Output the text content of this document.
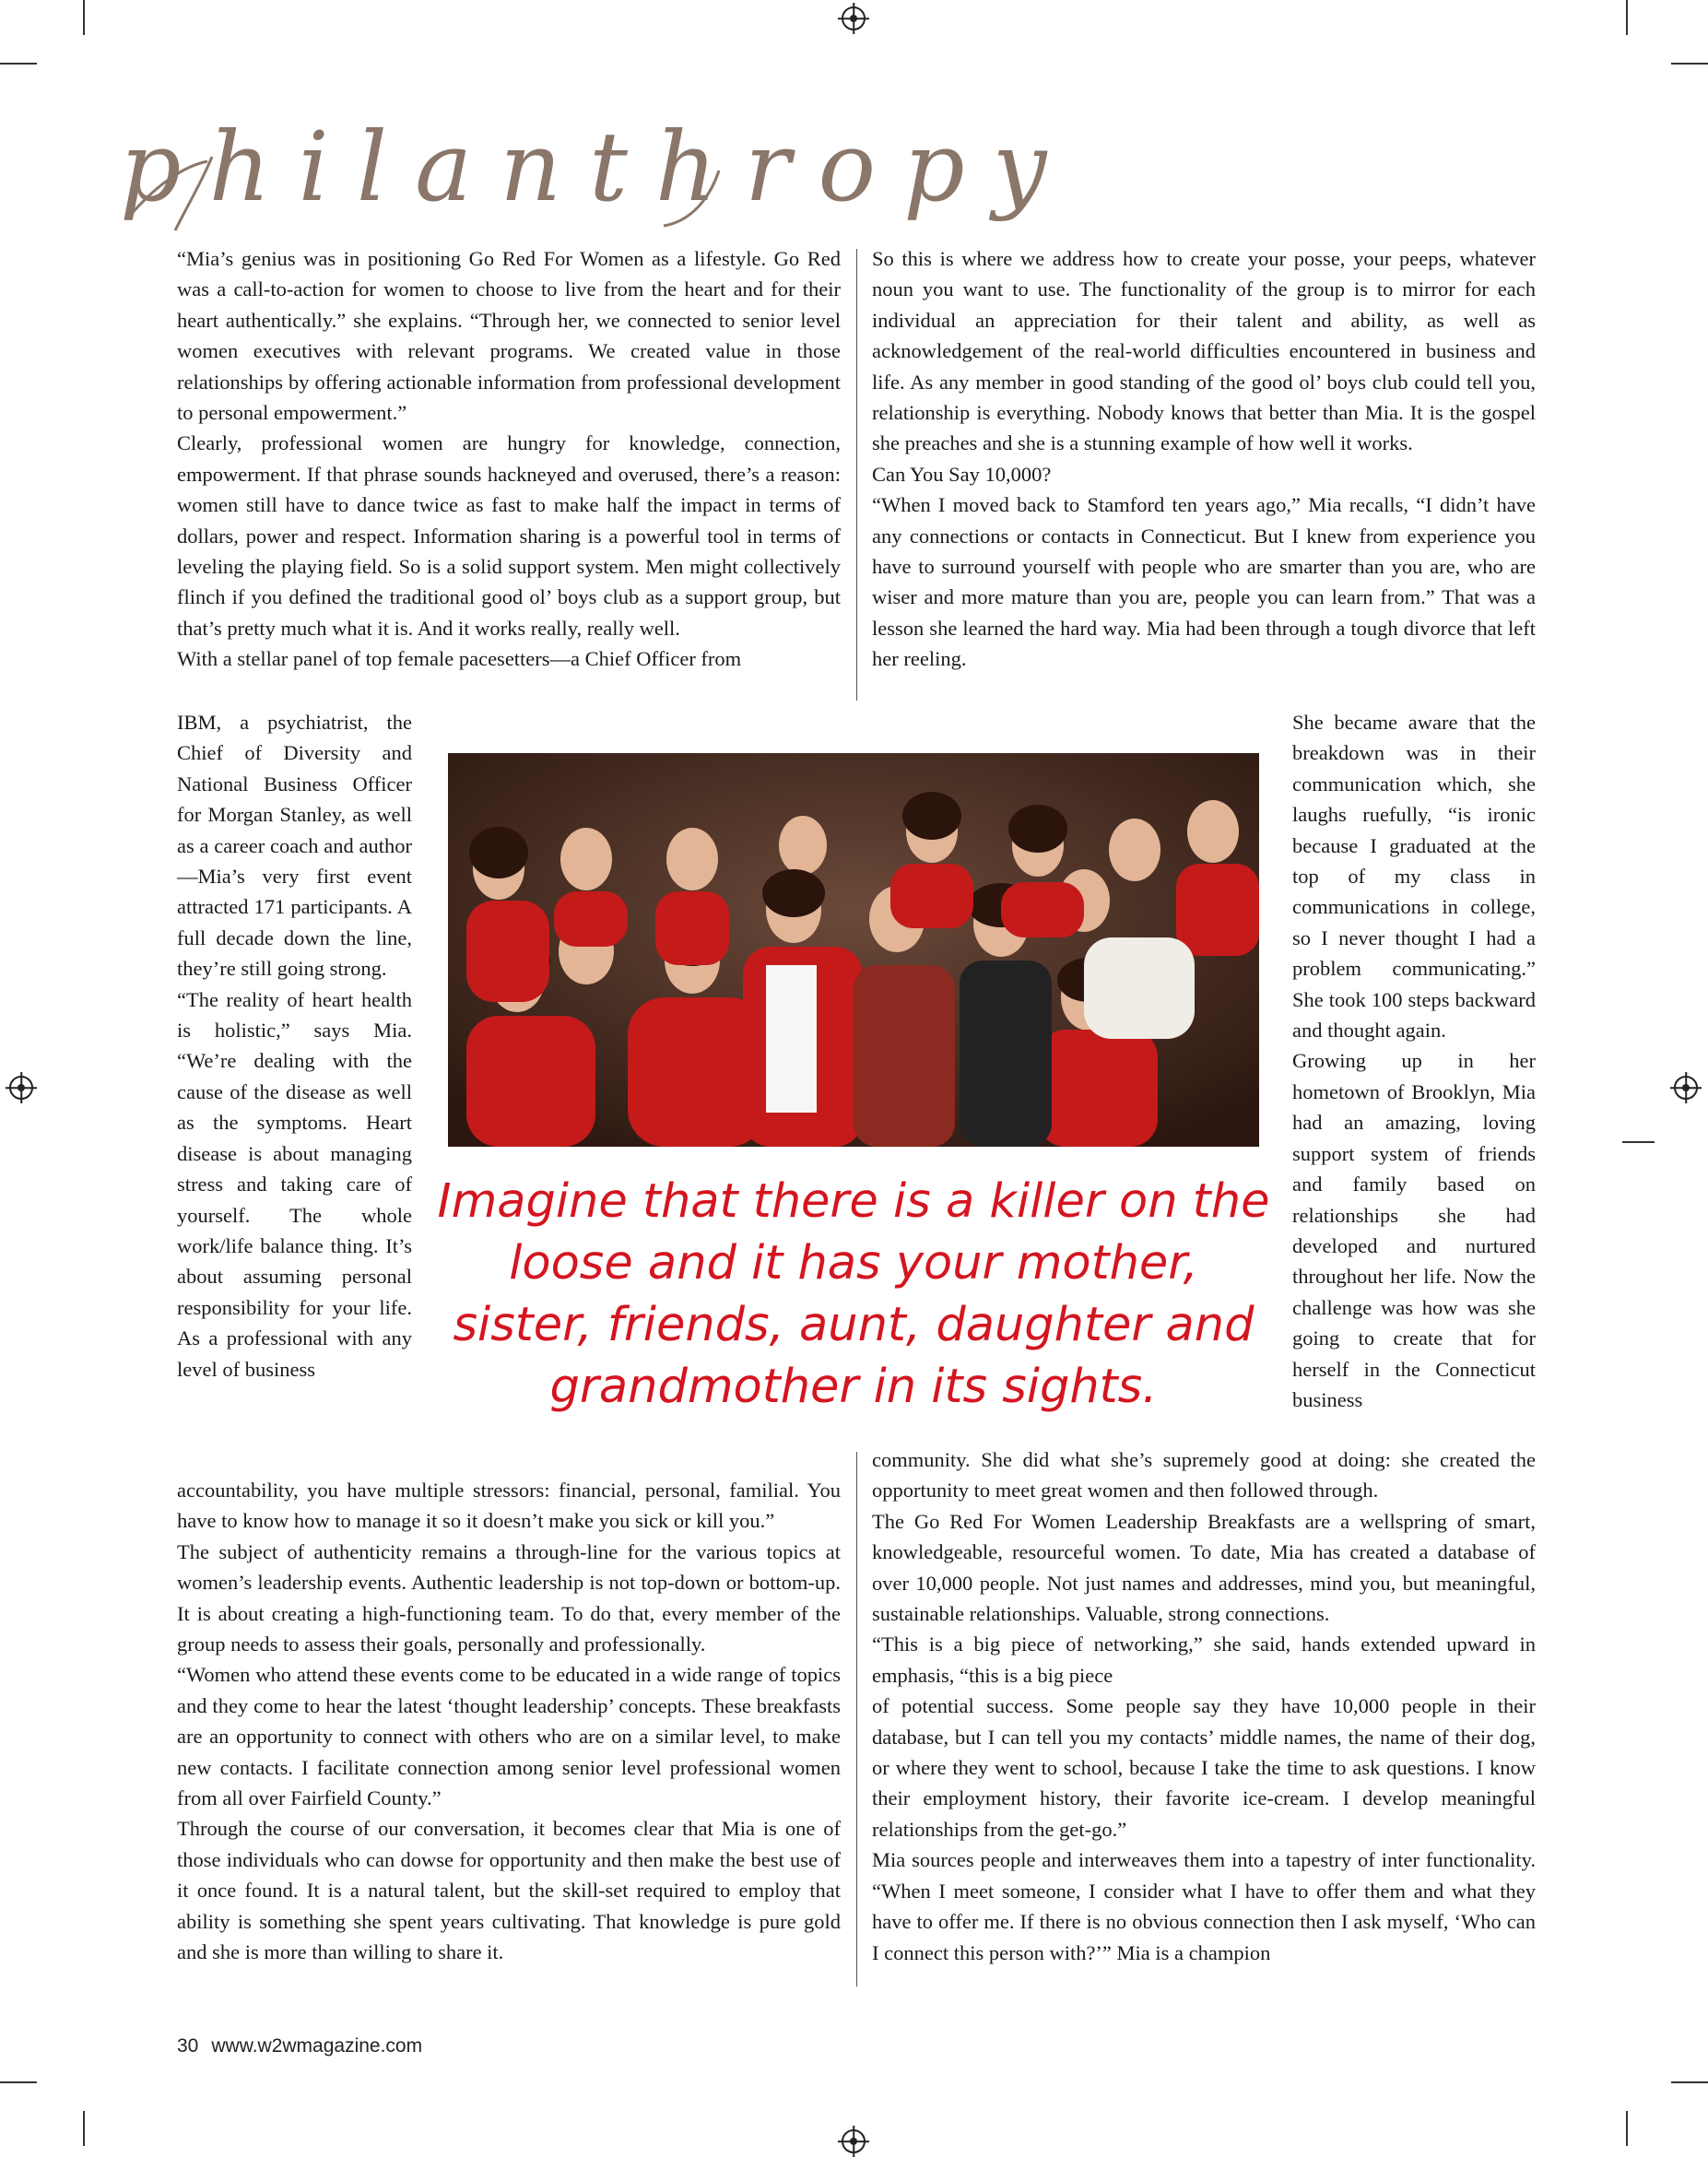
philanthropy

“Mia’s genius was in positioning Go Red For Women as a lifestyle. Go Red was a call-to-action for women to choose to live from the heart and for their heart authentically.” she explains. “Through her, we connected to senior level women executives with relevant programs. We created value in those relationships by offering actionable information from professional development to personal empowerment.”

Clearly, professional women are hungry for knowledge, connection, empowerment. If that phrase sounds hackneyed and overused, there’s a reason: women still have to dance twice as fast to make half the impact in terms of dollars, power and respect. Information sharing is a powerful tool in terms of leveling the playing field. So is a solid support system. Men might collectively flinch if you defined the traditional good ol’ boys club as a support group, but that’s pretty much what it is. And it works really, really well.

With a stellar panel of top female pacesetters—a Chief Officer from

So this is where we address how to create your posse, your peeps, whatever noun you want to use. The functionality of the group is to mirror for each individual an appreciation for their talent and ability, as well as acknowledgement of the real-world difficulties encountered in business and life. As any member in good standing of the good ol’ boys club could tell you, relationship is everything. Nobody knows that better than Mia. It is the gospel she preaches and she is a stunning example of how well it works.

Can You Say 10,000?

“When I moved back to Stamford ten years ago,” Mia recalls, “I didn’t have any connections or contacts in Connecticut. But I knew from experience you have to surround yourself with people who are smarter than you are, who are wiser and more mature than you are, people you can learn from.” That was a lesson she learned the hard way. Mia had been through a tough divorce that left her reeling.

IBM, a psychiatrist, the Chief of Diversity and National Business Officer for Morgan Stanley, as well as a career coach and author—Mia’s very first event attracted 171 participants. A full decade down the line, they’re still going strong.

“The reality of heart health is holistic,” says Mia. “We’re dealing with the cause of the disease as well as the symptoms. Heart disease is about managing stress and taking care of yourself. The whole work/life balance thing. It’s about assuming personal responsibility for your life. As a professional with any level of business

She became aware that the breakdown was in their communication which, she laughs ruefully, “is ironic because I graduated at the top of my class in communications in college, so I never thought I had a problem communicating.” She took 100 steps backward and thought again.

Growing up in her hometown of Brooklyn, Mia had an amazing, loving support system of friends and family based on relationships she had developed and nurtured throughout her life. Now the challenge was how was she going to create that for herself in the Connecticut business

Imagine that there is a killer on the loose and it has your mother, sister, friends, aunt, daughter and grandmother in its sights.

accountability, you have multiple stressors: financial, personal, familial. You have to know how to manage it so it doesn’t make you sick or kill you.”

The subject of authenticity remains a through-line for the various topics at women’s leadership events. Authentic leadership is not top-down or bottom-up. It is about creating a high-functioning team. To do that, every member of the group needs to assess their goals, personally and professionally.

“Women who attend these events come to be educated in a wide range of topics and they come to hear the latest ‘thought leadership’ concepts. These breakfasts are an opportunity to connect with others who are on a similar level, to make new contacts. I facilitate connection among senior level professional women from all over Fairfield County.”

Through the course of our conversation, it becomes clear that Mia is one of those individuals who can dowse for opportunity and then make the best use of it once found. It is a natural talent, but the skill-set required to employ that ability is something she spent years cultivating. That knowledge is pure gold and she is more than willing to share it.

community. She did what she’s supremely good at doing: she created the opportunity to meet great women and then followed through.

The Go Red For Women Leadership Breakfasts are a wellspring of smart, knowledgeable, resourceful women. To date, Mia has created a database of over 10,000 people. Not just names and addresses, mind you, but meaningful, sustainable relationships. Valuable, strong connections.

“This is a big piece of networking,” she said, hands extended upward in emphasis, “this is a big piece

of potential success. Some people say they have 10,000 people in their database, but I can tell you my contacts’ middle names, the name of their dog, or where they went to school, because I take the time to ask questions. I know their employment history, their favorite ice-cream. I develop meaningful relationships from the get-go.”

Mia sources people and interweaves them into a tapestry of inter functionality. “When I meet someone, I consider what I have to offer them and what they have to offer me. If there is no obvious connection then I ask myself, ‘Who can I connect this person with?’” Mia is a champion

30 www.w2wmagazine.com
